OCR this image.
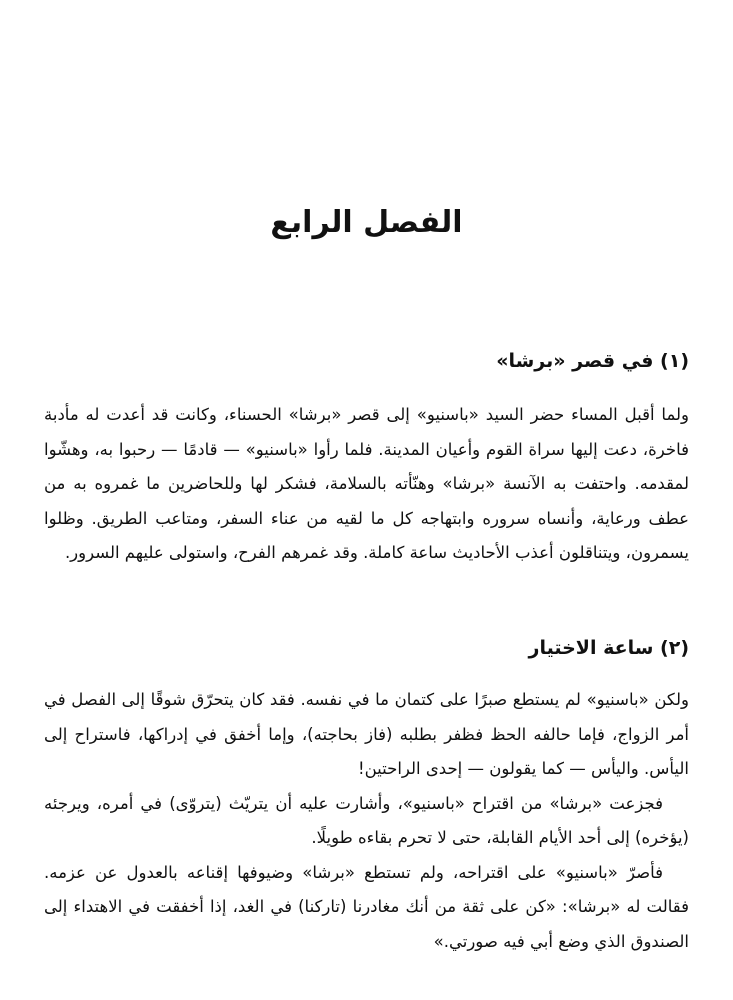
الفصل الرابع
(١) في قصر «برشا»

ولما أقبل المساء حضر السيد «باسنيو» إلى قصر «برشا» الحسناء، وكانت قد أعدت له مأدبة فاخرة، دعت إليها سراة القوم وأعيان المدينة. فلما رأوا «باسنيو» — قادمًا — رحبوا به، وهشّوا لمقدمه. واحتفت به الآنسة «برشا» وهنّأته بالسلامة، فشكر لها وللحاضرين ما غمروه به من عطف ورعاية، وأنساه سروره وابتهاجه كل ما لقيه من عناء السفر، ومتاعب الطريق. وظلوا يسمرون، ويتناقلون أعذب الأحاديث ساعة كاملة. وقد غمرهم الفرح، واستولى عليهم السرور.

(٢) ساعة الاختيار

ولكن «باسنيو» لم يستطع صبرًا على كتمان ما في نفسه. فقد كان يتحرّق شوقًا إلى الفصل في أمر الزواج، فإما حالفه الحظ فظفر بطلبه (فاز بحاجته)، وإما أخفق في إدراكها، فاستراح إلى اليأس. واليأس — كما يقولون — إحدى الراحتين!

فجزعت «برشا» من اقتراح «باسنيو»، وأشارت عليه أن يتريّث (يتروّى) في أمره، ويرجئه (يؤخره) إلى أحد الأيام القابلة، حتى لا تحرم بقاءه طويلًا.

فأصرّ «باسنيو» على اقتراحه، ولم تستطع «برشا» وضيوفها إقناعه بالعدول عن عزمه. فقالت له «برشا»: «كن على ثقة من أنك مغادرنا (تاركنا) في الغد، إذا أخفقت في الاهتداء إلى الصندوق الذي وضع أبي فيه صورتي.»
